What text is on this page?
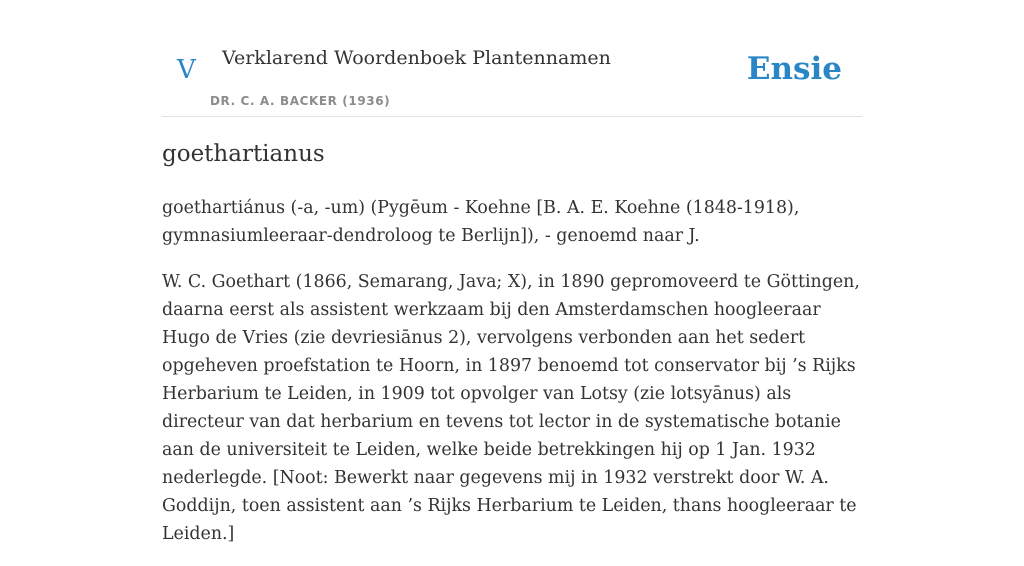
V Verklarend Woordenboek Plantennamen
DR. C. A. BACKER (1936)
Ensie
goethartianus

goethartiánus (-a, -um) (Pygēum - Koehne [B. A. E. Koehne (1848-1918), gymnasiumleeraar-dendroloog te Berlijn]), - genoemd naar J.

W. C. Goethart (1866, Semarang, Java; X), in 1890 gepromoveerd te Göttingen, daarna eerst als assistent werkzaam bij den Amsterdamschen hoogleeraar Hugo de Vries (zie devriesiānus 2), vervolgens verbonden aan het sedert opgeheven proefstation te Hoorn, in 1897 benoemd tot conservator bij ’s Rijks Herbarium te Leiden, in 1909 tot opvolger van Lotsy (zie lotsyānus) als directeur van dat herbarium en tevens tot lector in de systematische botanie aan de universiteit te Leiden, welke beide betrekkingen hij op 1 Jan. 1932 nederlegde. [Noot: Bewerkt naar gegevens mij in 1932 verstrekt door W. A. Goddijn, toen assistent aan ’s Rijks Herbarium te Leiden, thans hoogleeraar te Leiden.]
